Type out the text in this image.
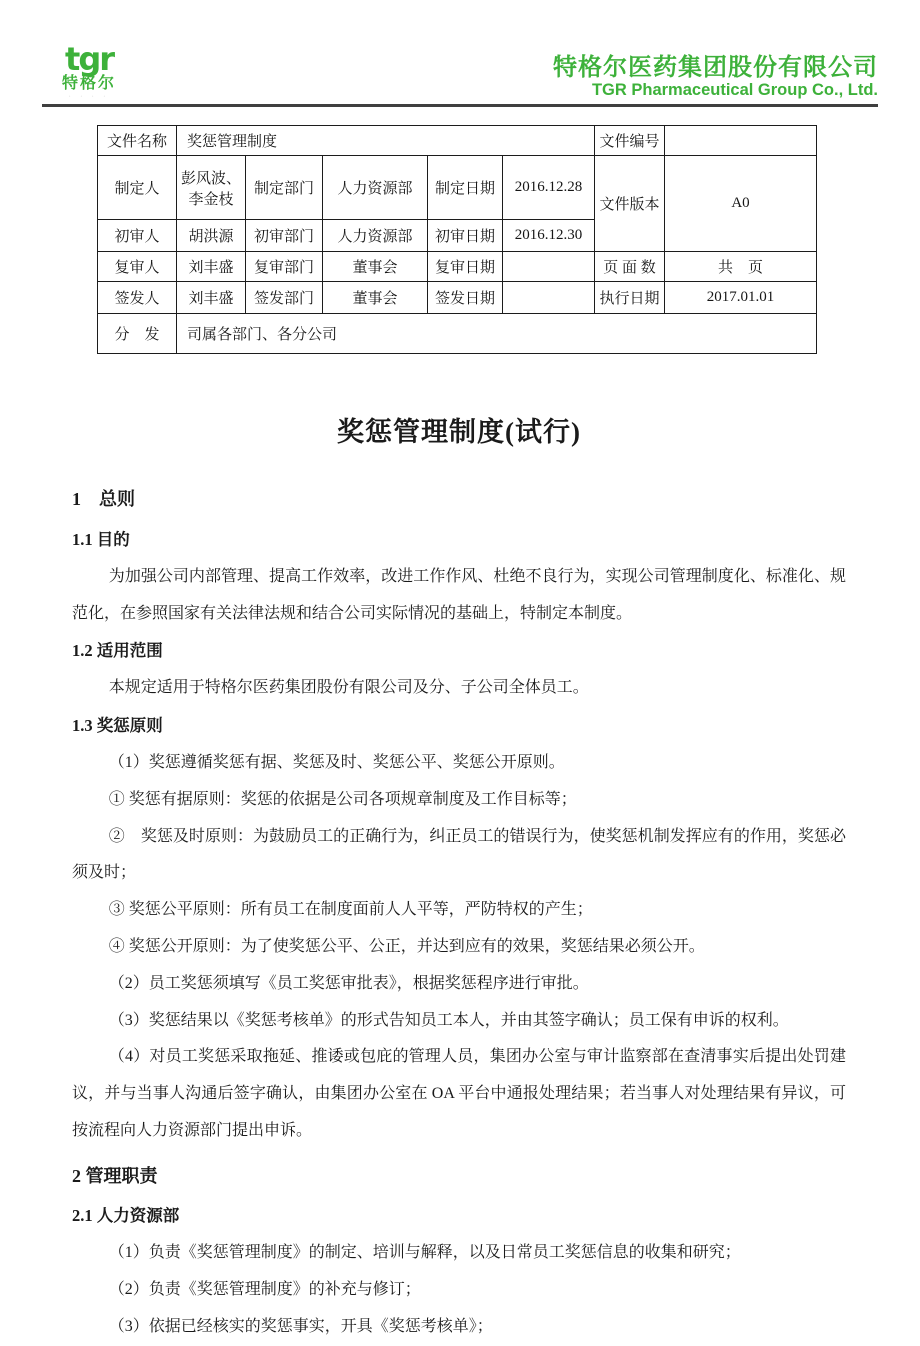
tgr
特格尔
· · · ·
特格尔医药集团股份有限公司
TGR Pharmaceutical Group Co., Ltd.
文件名称	奖惩管理制度					文件编号	
制定人	彭风波、李金枝	制定部门	人力资源部	制定日期	2016.12.28	文件版本	A0
初审人	胡洪源	初审部门	人力资源部	初审日期	2016.12.30		
复审人	刘丰盛	复审部门	董事会	复审日期		页 面 数	共　页
签发人	刘丰盛	签发部门	董事会	签发日期		执行日期	2017.01.01
分　发	司属各部门、各分公司						
奖惩管理制度(试行)
1　总则
1.1 目的

为加强公司内部管理、提高工作效率，改进工作作风、杜绝不良行为，实现公司管理制度化、标准化、规范化，在参照国家有关法律法规和结合公司实际情况的基础上，特制定本制度。

1.2 适用范围

本规定适用于特格尔医药集团股份有限公司及分、子公司全体员工。

1.3 奖惩原则

（1）奖惩遵循奖惩有据、奖惩及时、奖惩公平、奖惩公开原则。

① 奖惩有据原则：奖惩的依据是公司各项规章制度及工作目标等；

②　奖惩及时原则：为鼓励员工的正确行为，纠正员工的错误行为，使奖惩机制发挥应有的作用，奖惩必须及时；

③ 奖惩公平原则：所有员工在制度面前人人平等，严防特权的产生；

④ 奖惩公开原则：为了使奖惩公平、公正，并达到应有的效果，奖惩结果必须公开。

（2）员工奖惩须填写《员工奖惩审批表》，根据奖惩程序进行审批。

（3）奖惩结果以《奖惩考核单》的形式告知员工本人，并由其签字确认；员工保有申诉的权利。

（4）对员工奖惩采取拖延、推诿或包庇的管理人员，集团办公室与审计监察部在查清事实后提出处罚建议，并与当事人沟通后签字确认，由集团办公室在 OA 平台中通报处理结果；若当事人对处理结果有异议，可按流程向人力资源部门提出申诉。

2 管理职责
2.1 人力资源部

（1）负责《奖惩管理制度》的制定、培训与解释，以及日常员工奖惩信息的收集和研究；

（2）负责《奖惩管理制度》的补充与修订；

（3）依据已经核实的奖惩事实，开具《奖惩考核单》；
